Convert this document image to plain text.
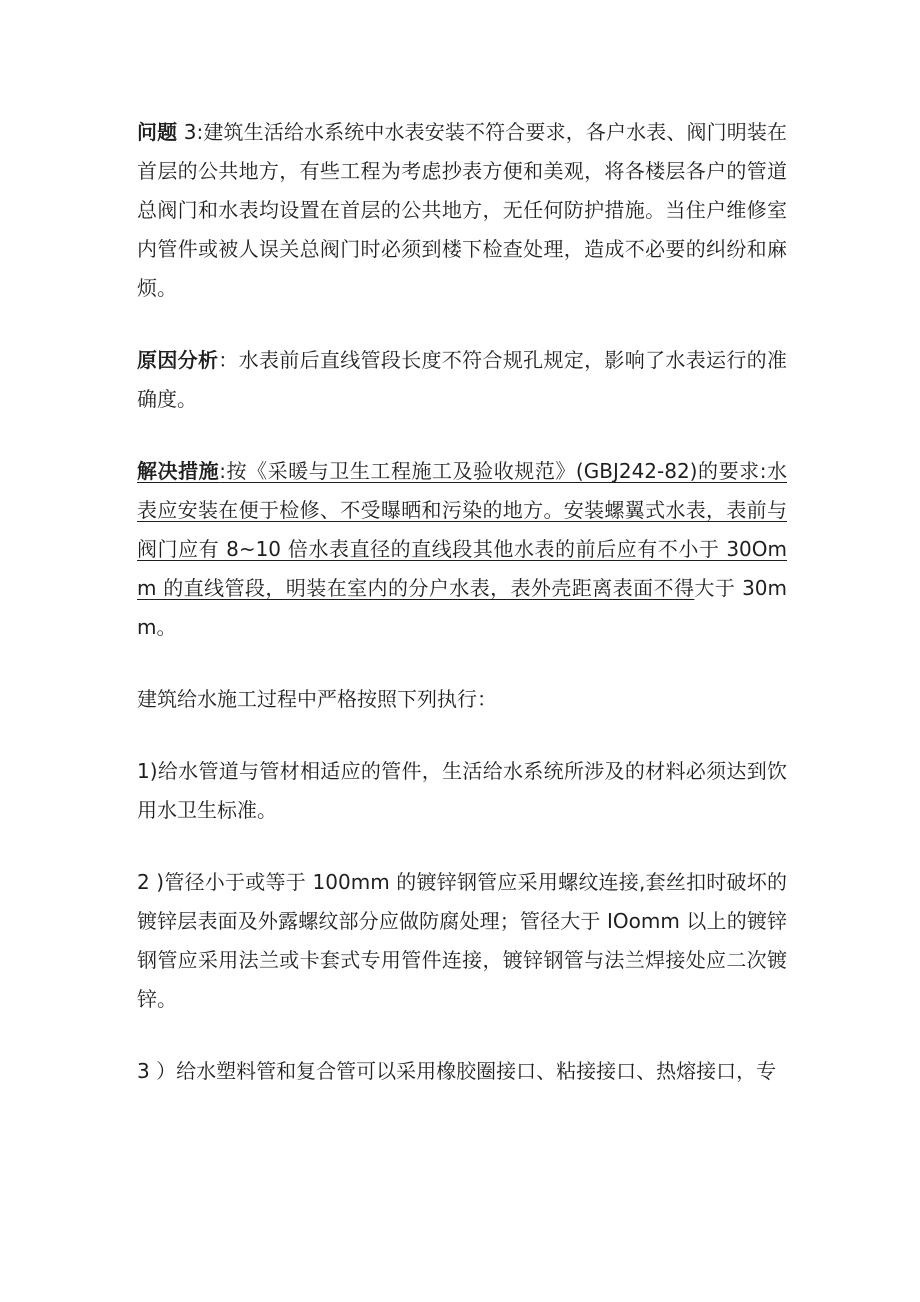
问题 3:建筑生活给水系统中水表安装不符合要求，各户水表、阀门明装在首层的公共地方，有些工程为考虑抄表方便和美观，将各楼层各户的管道总阀门和水表均设置在首层的公共地方，无任何防护措施。当住户维修室内管件或被人误关总阀门时必须到楼下检查处理，造成不必要的纠纷和麻烦。

原因分析：水表前后直线管段长度不符合规孔规定，影响了水表运行的准确度。

解决措施:按《采暖与卫生工程施工及验收规范》(GBJ242-82)的要求:水表应安装在便于检修、不受曝晒和污染的地方。安装螺翼式水表，表前与阀门应有 8~10 倍水表直径的直线段其他水表的前后应有不小于 30Omm 的直线管段，明装在室内的分户水表，表外壳距离表面不得大于 30mm。

建筑给水施工过程中严格按照下列执行：

1)给水管道与管材相适应的管件，生活给水系统所涉及的材料必须达到饮用水卫生标准。

2 )管径小于或等于 100mm 的镀锌钢管应采用螺纹连接,套丝扣时破坏的镀锌层表面及外露螺纹部分应做防腐处理；管径大于 IOomm 以上的镀锌钢管应采用法兰或卡套式专用管件连接，镀锌钢管与法兰焊接处应二次镀锌。

3 ）给水塑料管和复合管可以采用橡胶圈接口、粘接接口、热熔接口，专
